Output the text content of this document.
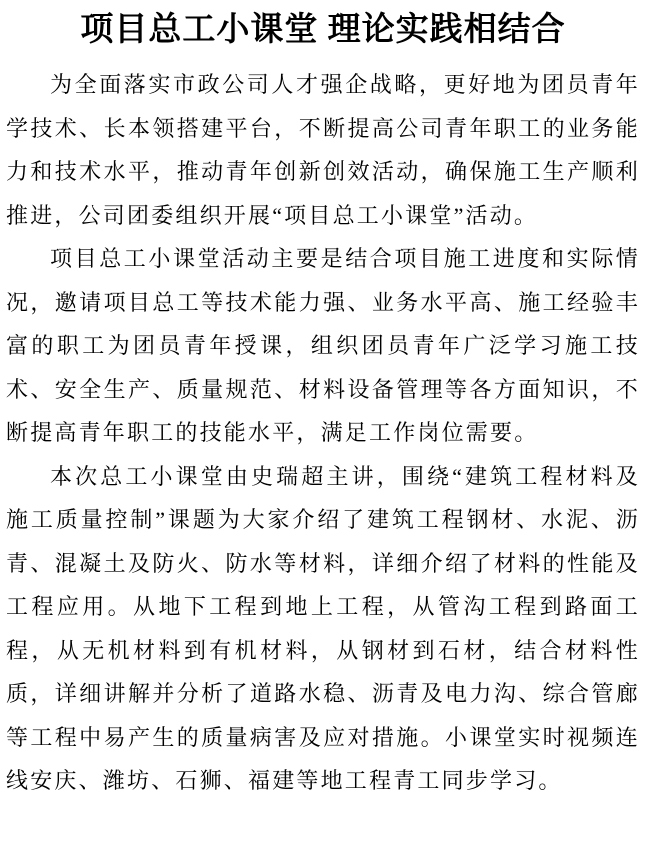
项目总工小课堂 理论实践相结合

为全面落实市政公司人才强企战略，更好地为团员青年学技术、长本领搭建平台，不断提高公司青年职工的业务能力和技术水平，推动青年创新创效活动，确保施工生产顺利推进，公司团委组织开展“项目总工小课堂”活动。

项目总工小课堂活动主要是结合项目施工进度和实际情况，邀请项目总工等技术能力强、业务水平高、施工经验丰富的职工为团员青年授课，组织团员青年广泛学习施工技术、安全生产、质量规范、材料设备管理等各方面知识，不断提高青年职工的技能水平，满足工作岗位需要。

本次总工小课堂由史瑞超主讲，围绕“建筑工程材料及施工质量控制”课题为大家介绍了建筑工程钢材、水泥、沥青、混凝土及防火、防水等材料，详细介绍了材料的性能及工程应用。从地下工程到地上工程，从管沟工程到路面工程，从无机材料到有机材料，从钢材到石材，结合材料性质，详细讲解并分析了道路水稳、沥青及电力沟、综合管廊等工程中易产生的质量病害及应对措施。小课堂实时视频连线安庆、潍坊、石狮、福建等地工程青工同步学习。
